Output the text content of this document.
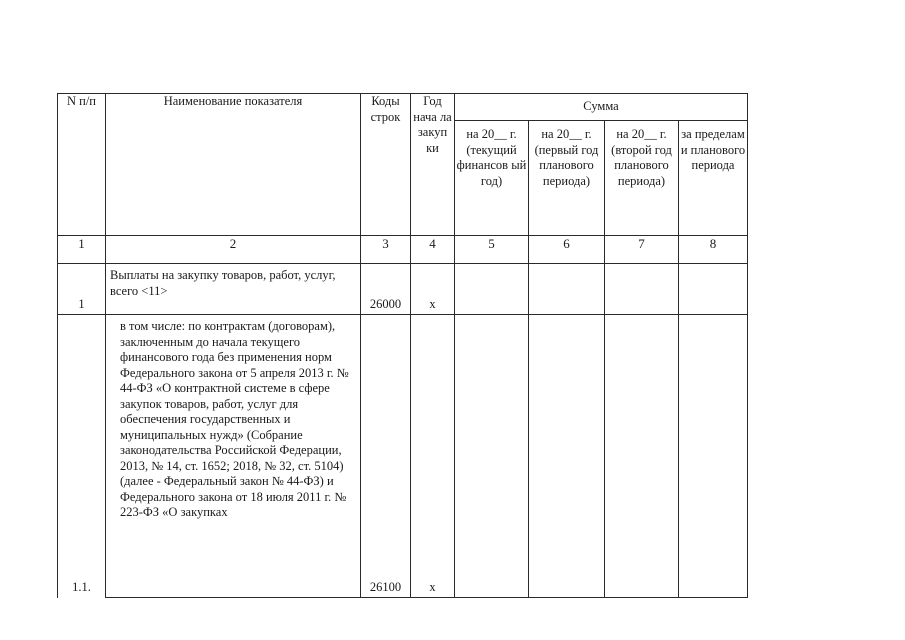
N п/п	Наименование показателя	Коды строк	Год нача ла закуп ки	Сумма			
				на 20__ г. (текущий финансов ый год)	на 20__ г. (первый год планового периода)	на 20__ г. (второй год планового периода)	за пределам и планового периода
1	2	3	4	5	6	7	8
1	Выплаты на закупку товаров, работ, услуг, всего <11>	26000	x				
1.1.	в том числе: по контрактам (договорам), заключенным до начала текущего финансового года без применения норм Федерального закона от 5 апреля 2013 г. № 44-ФЗ «О контрактной системе в сфере закупок товаров, работ, услуг для обеспечения государственных и муниципальных нужд» (Собрание законодательства Российской Федерации, 2013, № 14, ст. 1652; 2018, № 32, ст. 5104) (далее - Федеральный закон № 44-ФЗ) и Федерального закона от 18 июля 2011 г. № 223-ФЗ «О закупках	26100	x				
